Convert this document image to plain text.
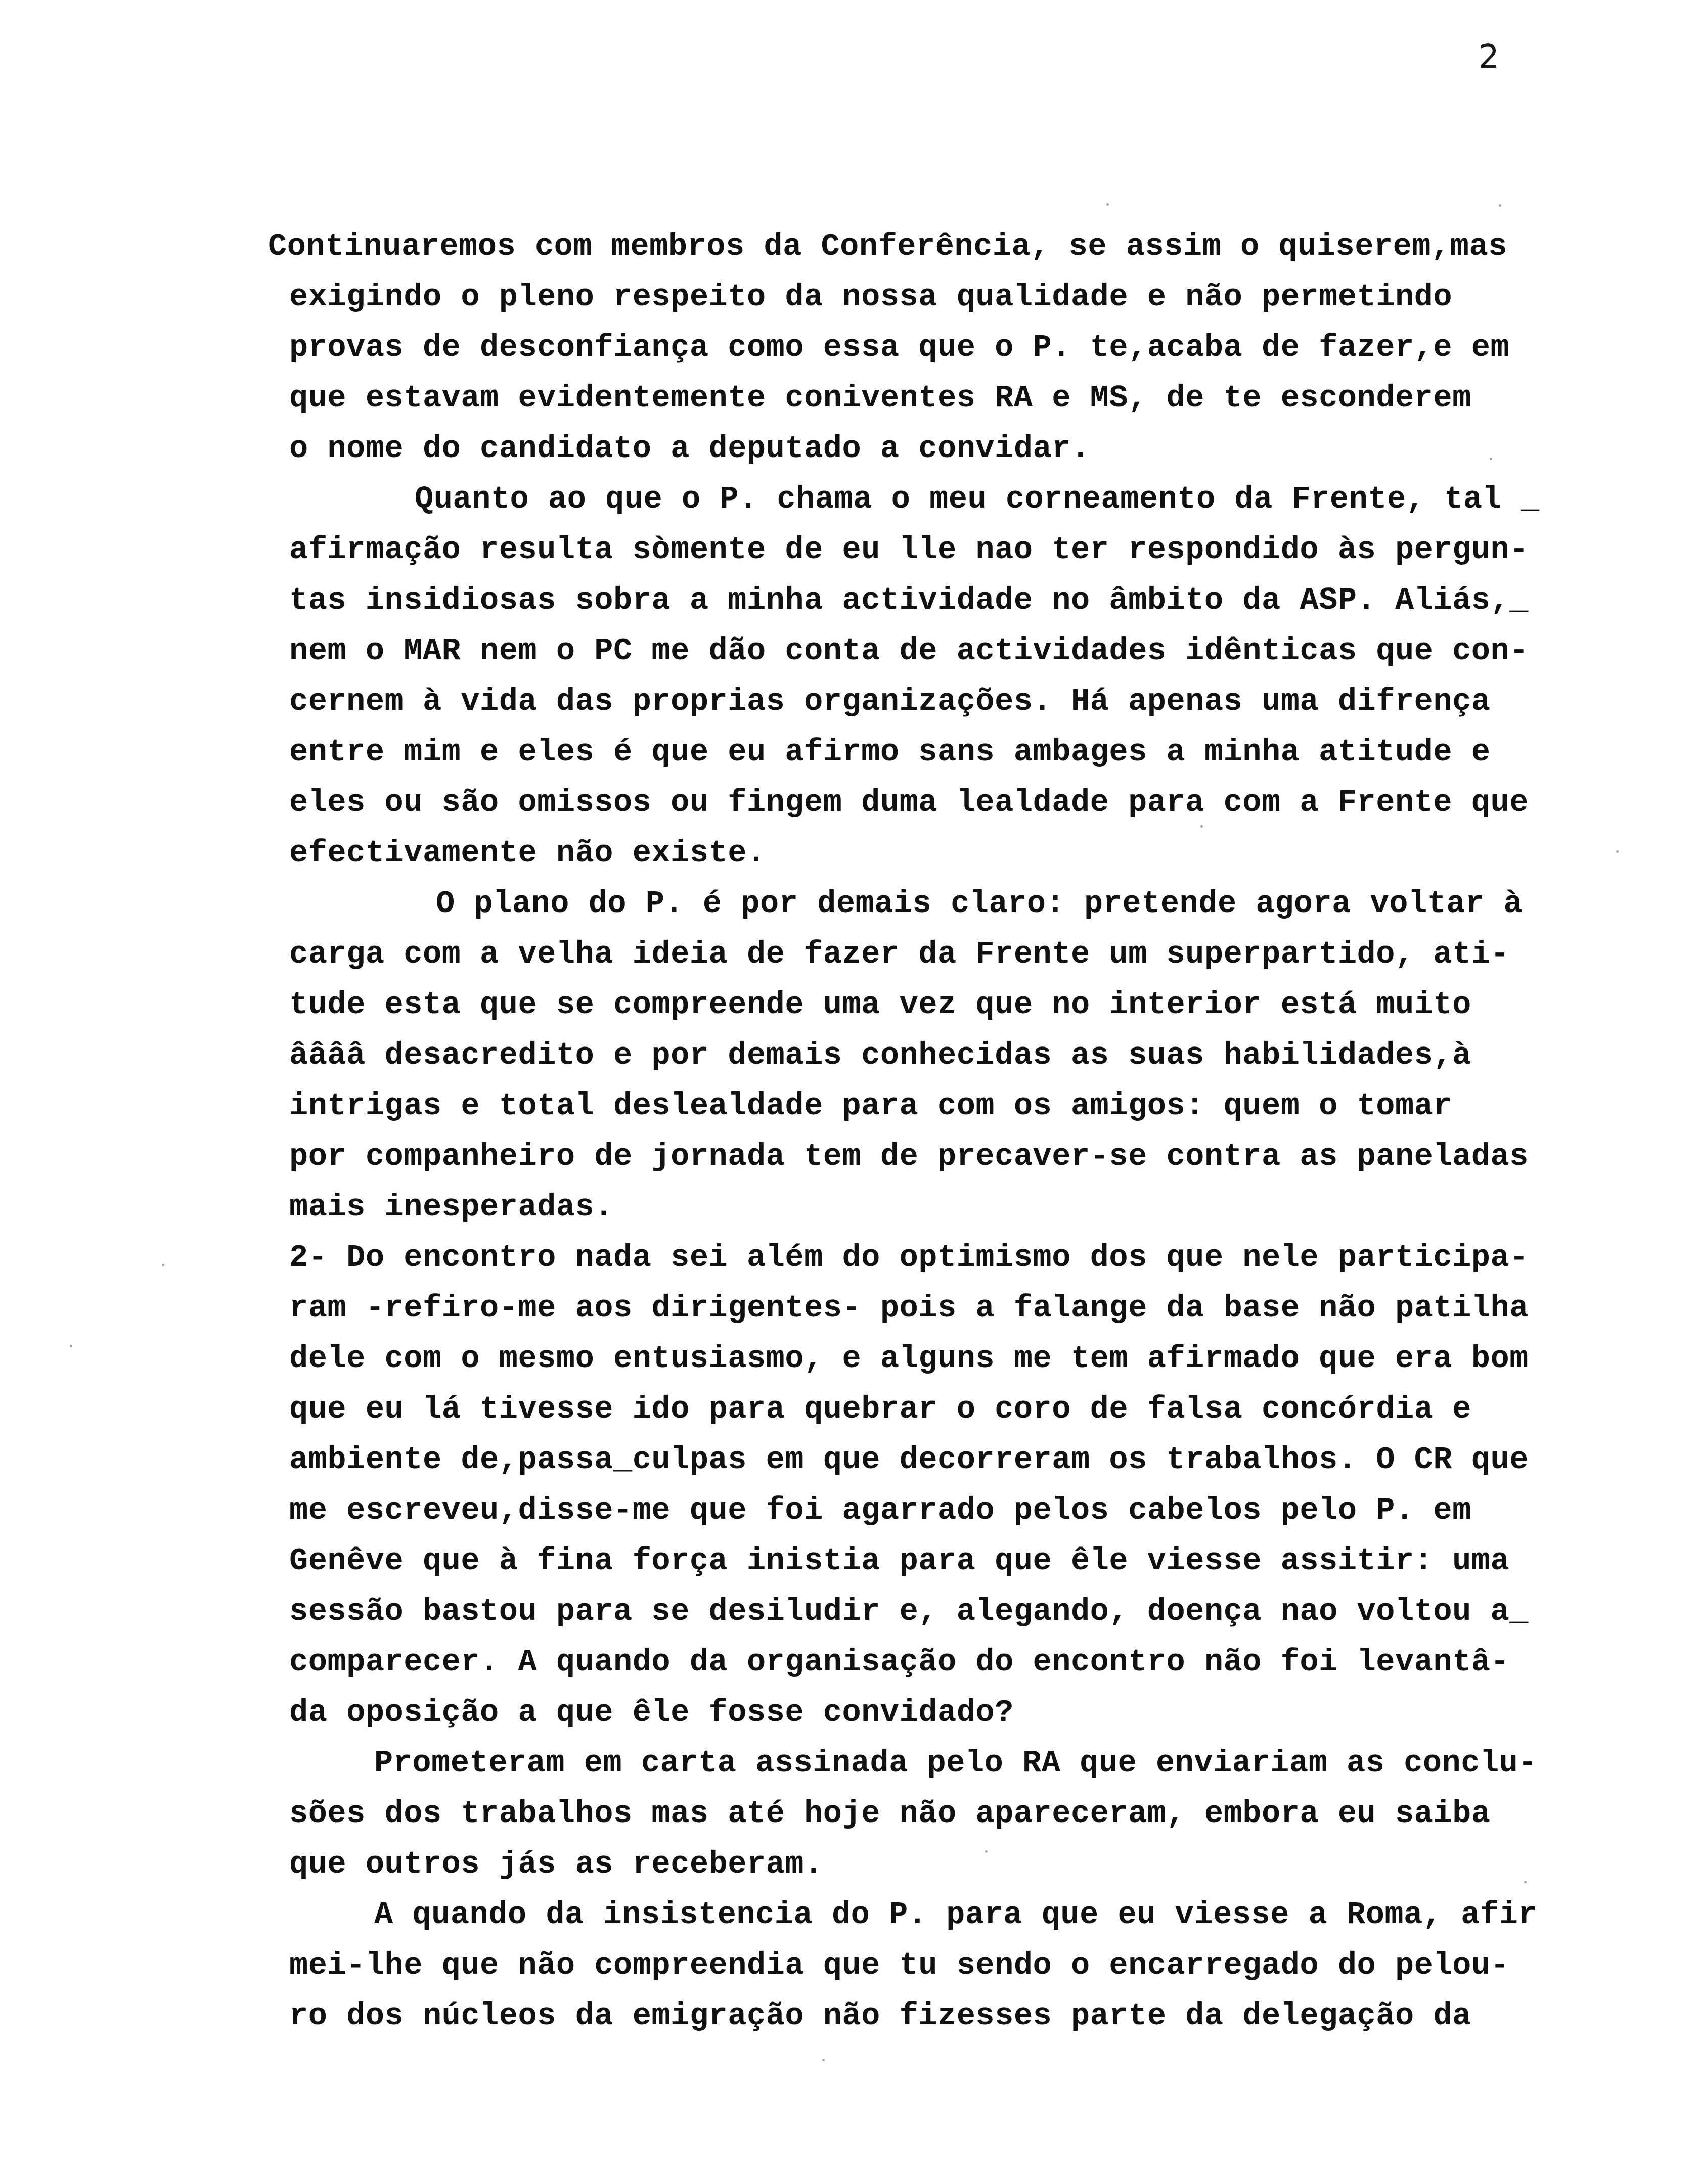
2
Continuaremos com membros da Conferência, se assim o quiserem,mas
exigindo o pleno respeito da nossa qualidade e não permetindo
provas de desconfiança como essa que o P. te,acaba de fazer,e em
que estavam evidentemente coniventes RA e MS, de te esconderem
o nome do candidato a deputado a convidar.
Quanto ao que o P. chama o meu corneamento da Frente, tal _
afirmação resulta sòmente de eu lle nao ter respondido às pergun-
tas insidiosas sobra a minha actividade no âmbito da ASP. Aliás,_
nem o MAR nem o PC me dão conta de actividades idênticas que con-
cernem à vida das proprias organizações. Há apenas uma difrença
entre mim e eles é que eu afirmo sans ambages a minha atitude e
eles ou são omissos ou fingem duma lealdade para com a Frente que
efectivamente não existe.
O plano do P. é por demais claro: pretende agora voltar à
carga com a velha ideia de fazer da Frente um superpartido, ati-
tude esta que se compreende uma vez que no interior está muito
ââââ desacredito e por demais conhecidas as suas habilidades,à
intrigas e total deslealdade para com os amigos: quem o tomar
por companheiro de jornada tem de precaver-se contra as paneladas
mais inesperadas.
2- Do encontro nada sei além do optimismo dos que nele participa-
ram -refiro-me aos dirigentes- pois a falange da base não patilha
dele com o mesmo entusiasmo, e alguns me tem afirmado que era bom
que eu lá tivesse ido para quebrar o coro de falsa concórdia e
ambiente de,passa_culpas em que decorreram os trabalhos. O CR que
me escreveu,disse-me que foi agarrado pelos cabelos pelo P. em
Genêve que à fina força inistia para que êle viesse assitir: uma
sessão bastou para se desiludir e, alegando, doença nao voltou a_
comparecer. A quando da organisação do encontro não foi levantâ-
da oposição a que êle fosse convidado?
Prometeram em carta assinada pelo RA que enviariam as conclu-
sões dos trabalhos mas até hoje não apareceram, embora eu saiba
que outros jás as receberam.
A quando da insistencia do P. para que eu viesse a Roma, afir
mei-lhe que não compreendia que tu sendo o encarregado do pelou-
ro dos núcleos da emigração não fizesses parte da delegação da
